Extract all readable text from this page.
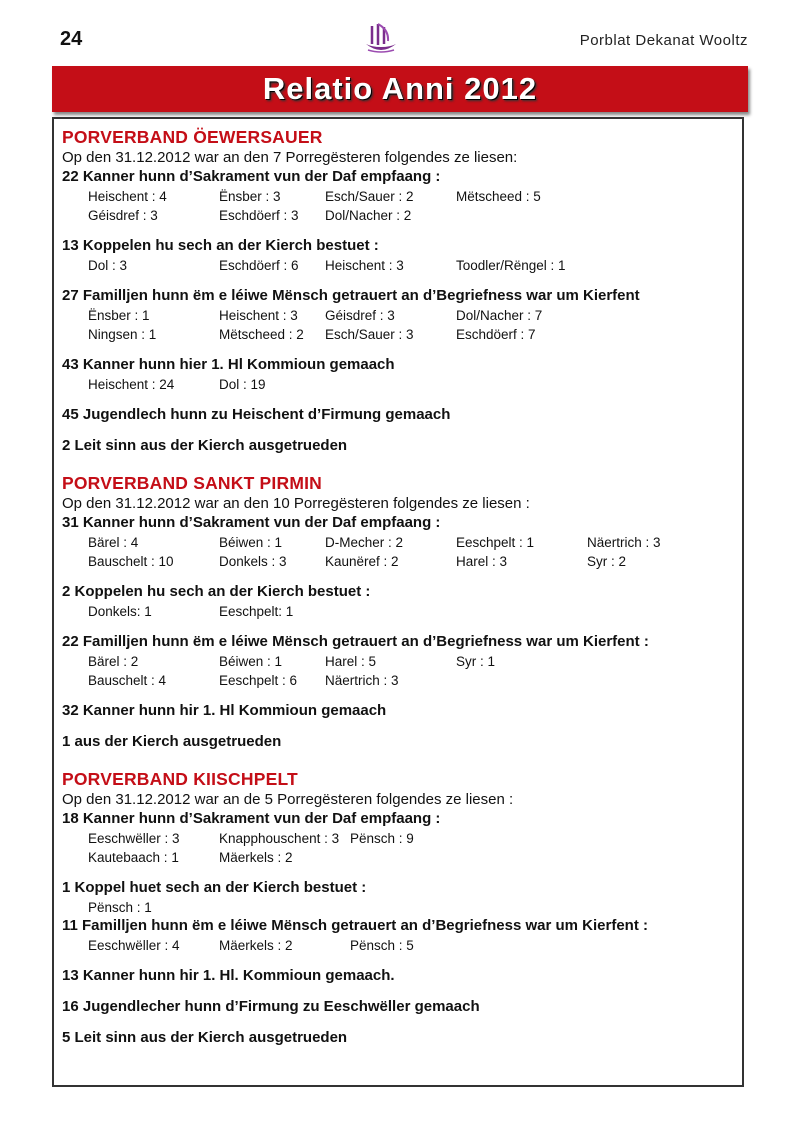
24	Porblat Dekanat Wooltz
Relatio Anni 2012
PORVERBAND ÖEWERSAUER
Op den 31.12.2012 war an den 7 Porregësteren folgendes ze liesen:
22 Kanner hunn d’Sakrament vun der Daf empfaang :
Heischent : 4	Ënsber : 3	Esch/Sauer : 2	Mëtscheed : 5
Géisdref : 3	Eschdöerf : 3	Dol/Nacher : 2
13 Koppelen hu sech an der Kierch bestuet :
Dol : 3	Eschdöerf : 6	Heischent : 3	Toodler/Rëngel : 1
27 Familljen hunn ëm e léiwe Mënsch getrauert an d’Begriefness war um Kierfent
Ënsber : 1	Heischent : 3	Géisdref : 3	Dol/Nacher : 7
Ningsen : 1	Mëtscheed : 2	Esch/Sauer : 3	Eschdöerf : 7
43 Kanner hunn hier 1. Hl Kommioun gemaach
Heischent : 24	Dol : 19
45 Jugendlech hunn zu Heischent d’Firmung gemaach
2 Leit sinn aus der Kierch ausgetrueden
PORVERBAND SANKT PIRMIN
Op den 31.12.2012 war an den 10 Porregësteren folgendes ze liesen :
31 Kanner hunn d’Sakrament vun der Daf empfaang :
Bärel : 4	Béiwen : 1	D-Mecher : 2	Eeschpelt : 1	Näertrich : 3
Bauschelt : 10	Donkels : 3	Kaunëref : 2	Harel : 3	Syr : 2
2 Koppelen hu sech an der Kierch bestuet :
Donkels: 1	Eeschpelt: 1
22 Familljen hunn ëm e léiwe Mënsch getrauert an d’Begriefness war um Kierfent :
Bärel : 2	Béiwen : 1	Harel : 5	Syr : 1
Bauschelt : 4	Eeschpelt : 6	Näertrich : 3
32 Kanner hunn hir 1. Hl Kommioun gemaach
1 aus der Kierch ausgetrueden
PORVERBAND KIISCHPELT
Op den 31.12.2012 war an de 5 Porregësteren folgendes ze liesen :
18 Kanner hunn d’Sakrament vun der Daf empfaang :
Eeschwëller : 3	Knapphouschent : 3 Pënsch : 9
Kautebaach : 1	Mäerkels : 2
1 Koppel huet sech an der Kierch bestuet :
Pënsch : 1
11 Familljen hunn ëm e léiwe Mënsch getrauert an d’Begriefness war um Kierfent :
Eeschwëller : 4	Mäerkels : 2	Pënsch : 5
13 Kanner hunn hir 1. Hl. Kommioun gemaach.
16 Jugendlecher hunn d’Firmung zu Eeschwëller gemaach
5 Leit sinn aus der Kierch ausgetrueden
